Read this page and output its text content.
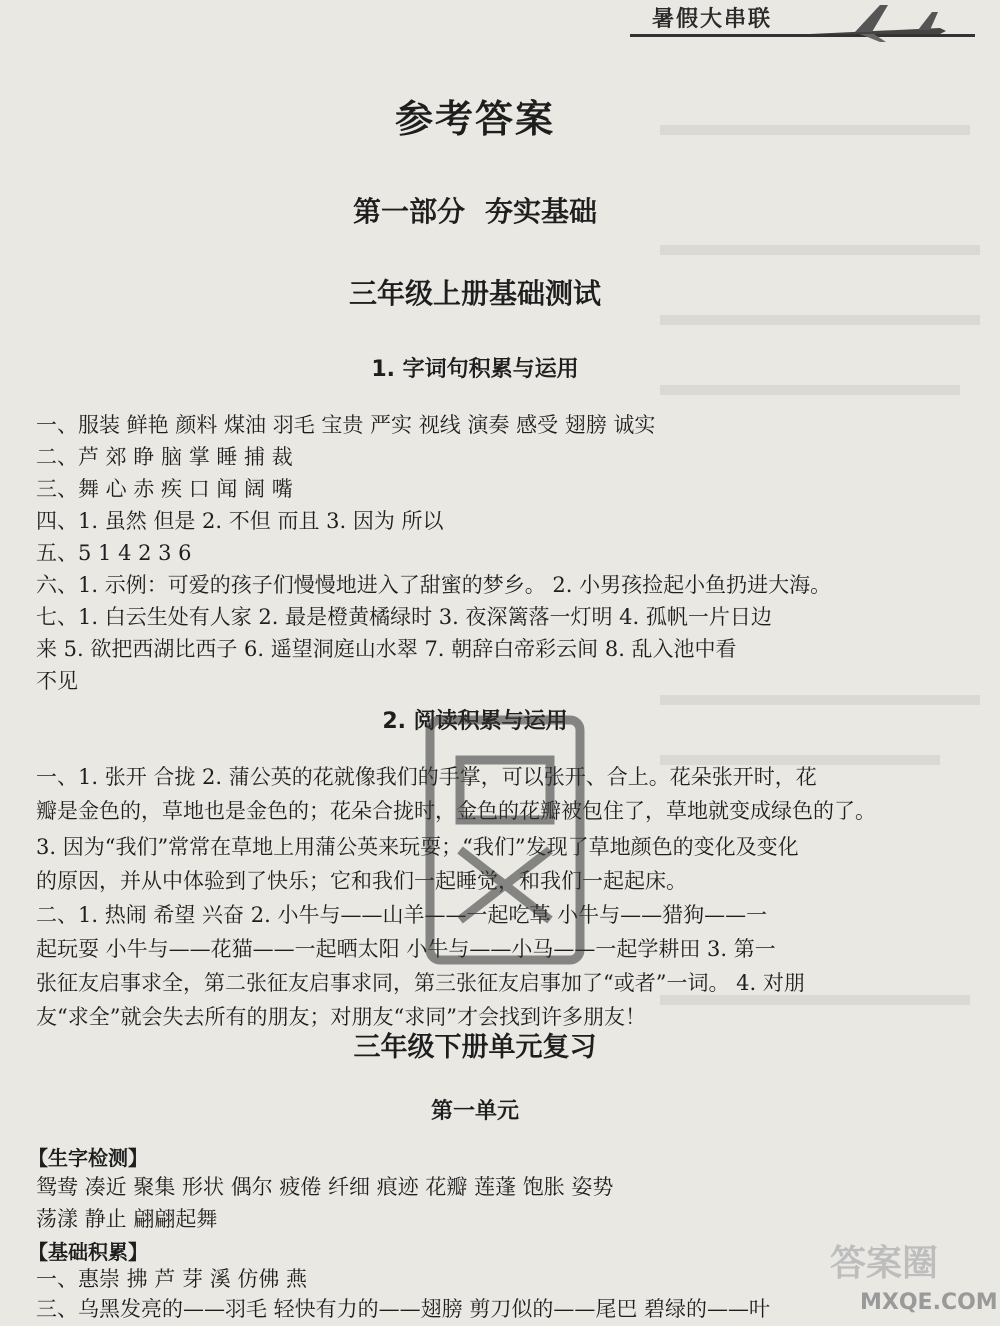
暑假大串联
参考答案
第一部分 夯实基础
三年级上册基础测试
1. 字词句积累与运用
一、服装 鲜艳 颜料 煤油 羽毛 宝贵 严实 视线 演奏 感受 翅膀 诚实
二、芦 郊 睁 脑 掌 睡 捕 裁
三、舞 心 赤 疾 口 闻 阔 嘴
四、1. 虽然 但是 2. 不但 而且 3. 因为 所以
五、5 1 4 2 3 6
六、1. 示例：可爱的孩子们慢慢地进入了甜蜜的梦乡。 2. 小男孩捡起小鱼扔进大海。
七、1. 白云生处有人家 2. 最是橙黄橘绿时 3. 夜深篱落一灯明 4. 孤帆一片日边
来 5. 欲把西湖比西子 6. 遥望洞庭山水翠 7. 朝辞白帝彩云间 8. 乱入池中看
不见
2. 阅读积累与运用
一、1. 张开 合拢 2. 蒲公英的花就像我们的手掌，可以张开、合上。花朵张开时，花
瓣是金色的，草地也是金色的；花朵合拢时，金色的花瓣被包住了，草地就变成绿色的了。
3. 因为“我们”常常在草地上用蒲公英来玩耍；“我们”发现了草地颜色的变化及变化
的原因，并从中体验到了快乐；它和我们一起睡觉，和我们一起起床。
二、1. 热闹 希望 兴奋 2. 小牛与——山羊——一起吃草 小牛与——猎狗——一
起玩耍 小牛与——花猫——一起晒太阳 小牛与——小马——一起学耕田 3. 第一
张征友启事求全，第二张征友启事求同，第三张征友启事加了“或者”一词。 4. 对朋
友“求全”就会失去所有的朋友；对朋友“求同”才会找到许多朋友！
三年级下册单元复习
第一单元
【生字检测】
鸳鸯 凑近 聚集 形状 偶尔 疲倦 纤细 痕迹 花瓣 莲蓬 饱胀 姿势
荡漾 静止 翩翩起舞
【基础积累】
一、惠崇 拂 芦 芽 溪 仿佛 燕
三、乌黑发亮的——羽毛 轻快有力的——翅膀 剪刀似的——尾巴 碧绿的——叶
答案圈
MXQE.COM
